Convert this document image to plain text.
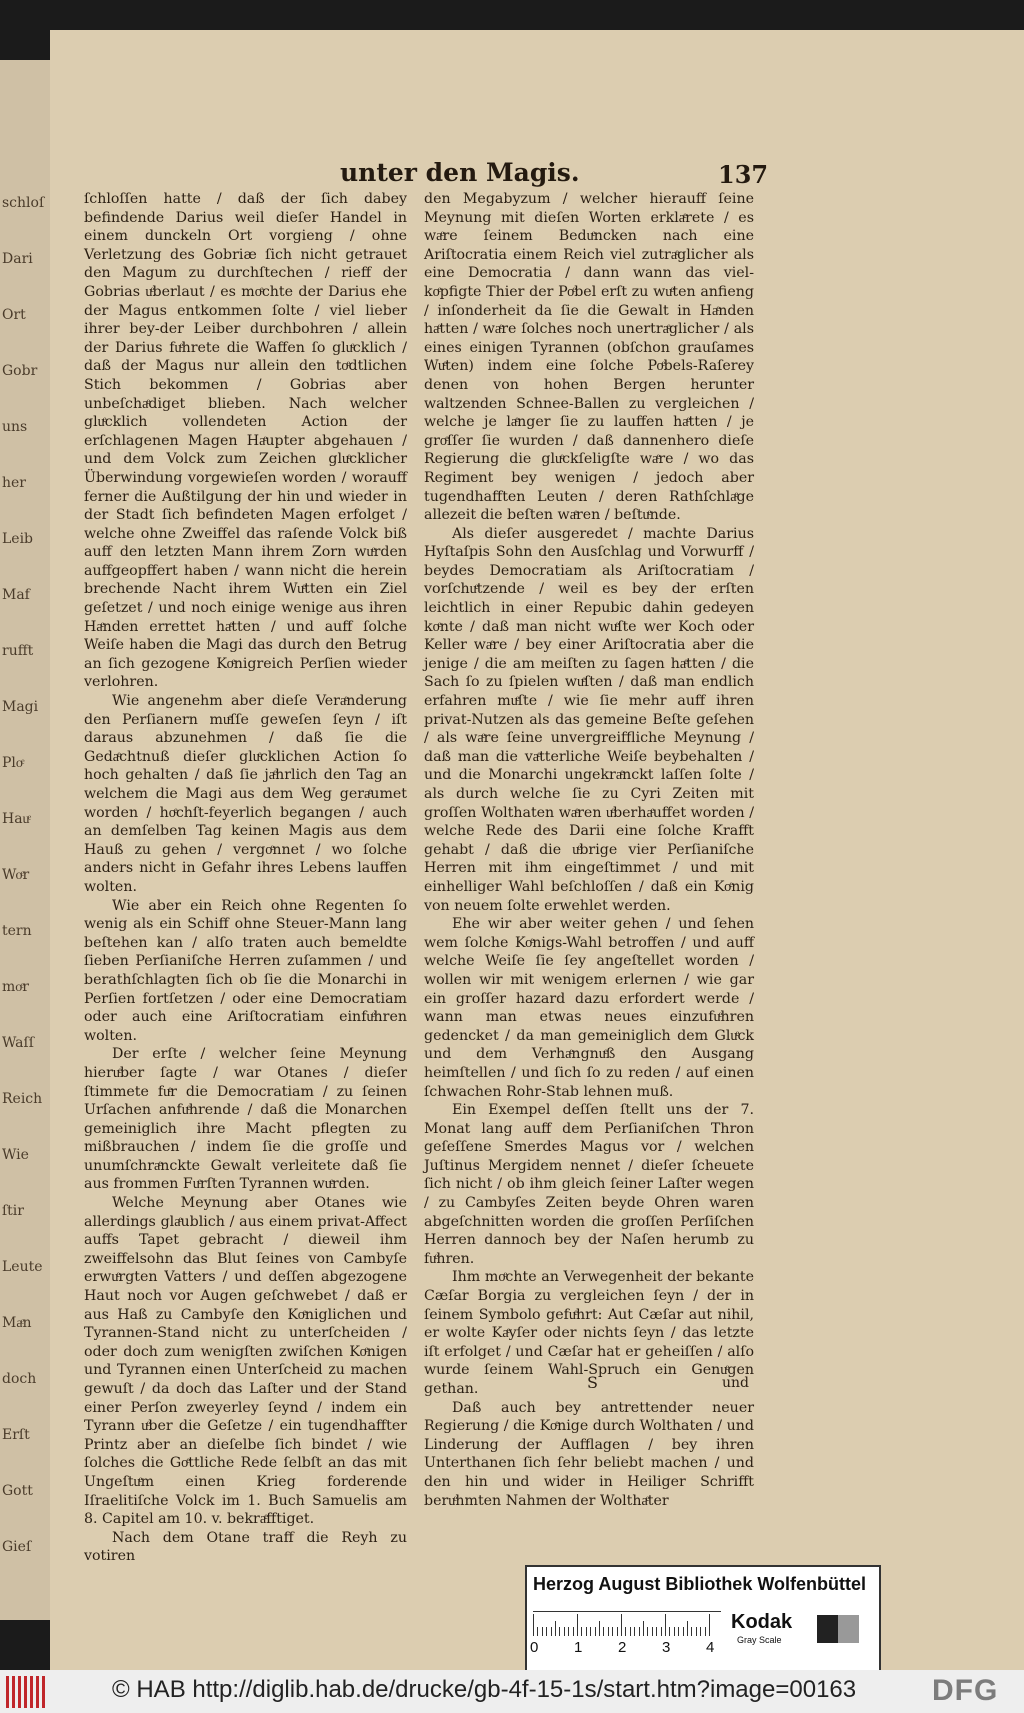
schloſ
Dari
Ort
Gobr
uns
her
Leib
Maf
rufft
Magi
Ploͤ
Hauͤ
Woͤr
tern
moͤr
Waſſ
Reich
Wie
ſtir
Leute
Maͤn
doch
Erſt
Gott
Gieſ
unter den Magis.	137

ſchloſſen hatte / daß der ſich dabey befindende Darius weil dieſer Handel in einem dunckeln Ort vorgieng / ohne Verletzung des Gobriæ ſich nicht getrauet den Magum zu durchſtechen / rieff der Gobrias uͤberlaut / es moͤchte der Darius ehe der Magus entkommen ſolte / viel lieber ihrer bey-der Leiber durchbohren / allein der Darius fuͤhrete die Waffen ſo gluͤcklich / daß der Magus nur allein den toͤdtlichen Stich bekommen / Gobrias aber unbeſchaͤdiget blieben. Nach welcher gluͤcklich vollendeten Action der erſchlagenen Magen Haͤupter abgehauen / und dem Volck zum Zeichen gluͤcklicher Überwindung vorgewieſen worden / worauff ferner die Außtilgung der hin und wieder in der Stadt ſich befindeten Magen erfolget / welche ohne Zweiffel das raſende Volck biß auff den letzten Mann ihrem Zorn wuͤrden auffgeopffert haben / wann nicht die herein brechende Nacht ihrem Wuͤtten ein Ziel geſetzet / und noch einige wenige aus ihren Haͤnden errettet haͤtten / und auff ſolche Weiſe haben die Magi das durch den Betrug an ſich gezogene Koͤnigreich Perſien wieder verlohren.

Wie angenehm aber dieſe Veraͤnderung den Perſianern muͤſſe geweſen ſeyn / iſt daraus abzunehmen / daß ſie die Gedaͤchtnuß dieſer gluͤcklichen Action ſo hoch gehalten / daß ſie jaͤhrlich den Tag an welchem die Magi aus dem Weg geraͤumet worden / hoͤchſt-feyerlich begangen / auch an demſelben Tag keinen Magis aus dem Hauß zu gehen / vergoͤnnet / wo ſolche anders nicht in Gefahr ihres Lebens lauffen wolten.

Wie aber ein Reich ohne Regenten ſo wenig als ein Schiff ohne Steuer-Mann lang beſtehen kan / alſo traten auch bemeldte ſieben Perſianiſche Herren zuſammen / und berathſchlagten ſich ob ſie die Monarchi in Perſien fortſetzen / oder eine Democratiam oder auch eine Ariſtocratiam einfuͤhren wolten.

Der erſte / welcher ſeine Meynung hieruͤber ſagte / war Otanes / dieſer ſtimmete fuͤr die Democratiam / zu ſeinen Urſachen anfuͤhrende / daß die Monarchen gemeiniglich ihre Macht pflegten zu mißbrauchen / indem ſie die groſſe und unumſchraͤnckte Gewalt verleitete daß ſie aus frommen Fuͤrſten Tyrannen wuͤrden.

Welche Meynung aber Otanes wie allerdings glaͤublich / aus einem privat-Affect auffs Tapet gebracht / dieweil ihm zweiffelsohn das Blut ſeines von Cambyſe erwuͤrgten Vatters / und deſſen abgezogene Haut noch vor Augen geſchwebet / daß er aus Haß zu Cambyſe den Koͤniglichen und Tyrannen-Stand nicht zu unterſcheiden / oder doch zum wenigſten zwiſchen Koͤnigen und Tyrannen einen Unterſcheid zu machen gewuſt / da doch das Laſter und der Stand einer Perſon zweyerley ſeynd / indem ein Tyrann uͤber die Geſetze / ein tugendhaffter Printz aber an dieſelbe ſich bindet / wie ſolches die Goͤttliche Rede ſelbſt an das mit Ungeſtuͤm einen Krieg forderende Iſraelitiſche Volck im 1. Buch Samuelis am 8. Capitel am 10. v. bekraͤfftiget.

Nach dem Otane traff die Reyh zu votiren

den Megabyzum / welcher hierauff ſeine Meynung mit dieſen Worten erklaͤrete / es waͤre ſeinem Beduͤncken nach eine Ariſtocratia einem Reich viel zutraͤglicher als eine Democratia / dann wann das viel-koͤpfigte Thier der Poͤbel erſt zu wuͤten anfieng / inſonderheit da ſie die Gewalt in Haͤnden haͤtten / waͤre ſolches noch unertraͤglicher / als eines einigen Tyrannen (obſchon grauſames Wuͤten) indem eine ſolche Poͤbels-Raſerey denen von hohen Bergen herunter waltzenden Schnee-Ballen zu vergleichen / welche je laͤnger ſie zu lauffen haͤtten / je groͤſſer ſie wurden / daß dannenhero dieſe Regierung die gluͤckſeligſte waͤre / wo das Regiment bey wenigen / jedoch aber tugendhafften Leuten / deren Rathſchlaͤge allezeit die beſten waͤren / beſtuͤnde.

Als dieſer ausgeredet / machte Darius Hyſtaſpis Sohn den Ausſchlag und Vorwurff / beydes Democratiam als Ariſtocratiam / vorſchuͤtzende / weil es bey der erſten leichtlich in einer Repubic dahin gedeyen koͤnte / daß man nicht wuͤſte wer Koch oder Keller waͤre / bey einer Ariſtocratia aber die jenige / die am meiſten zu ſagen haͤtten / die Sach ſo zu ſpielen wuͤſten / daß man endlich erfahren muͤſte / wie ſie mehr auff ihren privat-Nutzen als das gemeine Beſte geſehen / als waͤre ſeine unvergreiffliche Meynung / daß man die vaͤtterliche Weiſe beybehalten / und die Monarchi ungekraͤnckt laſſen ſolte / als durch welche ſie zu Cyri Zeiten mit groſſen Wolthaten waͤren uͤberhaͤuffet worden / welche Rede des Darii eine ſolche Krafft gehabt / daß die uͤbrige vier Perſianiſche Herren mit ihm eingeſtimmet / und mit einhelliger Wahl beſchloſſen / daß ein Koͤnig von neuem ſolte erwehlet werden.

Ehe wir aber weiter gehen / und ſehen wem ſolche Koͤnigs-Wahl betroffen / und auff welche Weiſe ſie ſey angeſtellet worden / wollen wir mit wenigem erlernen / wie gar ein groſſer hazard dazu erfordert werde / wann man etwas neues einzufuͤhren gedencket / da man gemeiniglich dem Gluͤck und dem Verhaͤngnuͤß den Ausgang heimſtellen / und ſich ſo zu reden / auf einen ſchwachen Rohr-Stab lehnen muß.

Ein Exempel deſſen ſtellt uns der 7. Monat lang auff dem Perſianiſchen Thron geſeſſene Smerdes Magus vor / welchen Juſtinus Mergidem nennet / dieſer ſcheuete ſich nicht / ob ihm gleich ſeiner Laſter wegen / zu Cambyſes Zeiten beyde Ohren waren abgeſchnitten worden die groſſen Perſiſchen Herren dannoch bey der Naſen herumb zu fuͤhren.

Ihm moͤchte an Verwegenheit der bekante Cæſar Borgia zu vergleichen ſeyn / der in ſeinem Symbolo gefuͤhrt: Aut Cæſar aut nihil, er wolte Kaͤyſer oder nichts ſeyn / das letzte iſt erfolget / und Cæſar hat er geheiſſen / alſo wurde ſeinem Wahl-Spruch ein Genuͤgen gethan.

Daß auch bey antrettender neuer Regierung / die Koͤnige durch Wolthaten / und Linderung der Aufflagen / bey ihren Unterthanen ſich ſehr beliebt machen / und den hin und wider in Heiliger Schrifft beruͤhmten Nahmen der Wolthaͤter

S	und
Herzog August Bibliothek Wolfenbüttel
0 1 2 3 4
Kodak
Gray Scale
© HAB http://diglib.hab.de/drucke/gb-4f-15-1s/start.htm?image=00163	DFG
